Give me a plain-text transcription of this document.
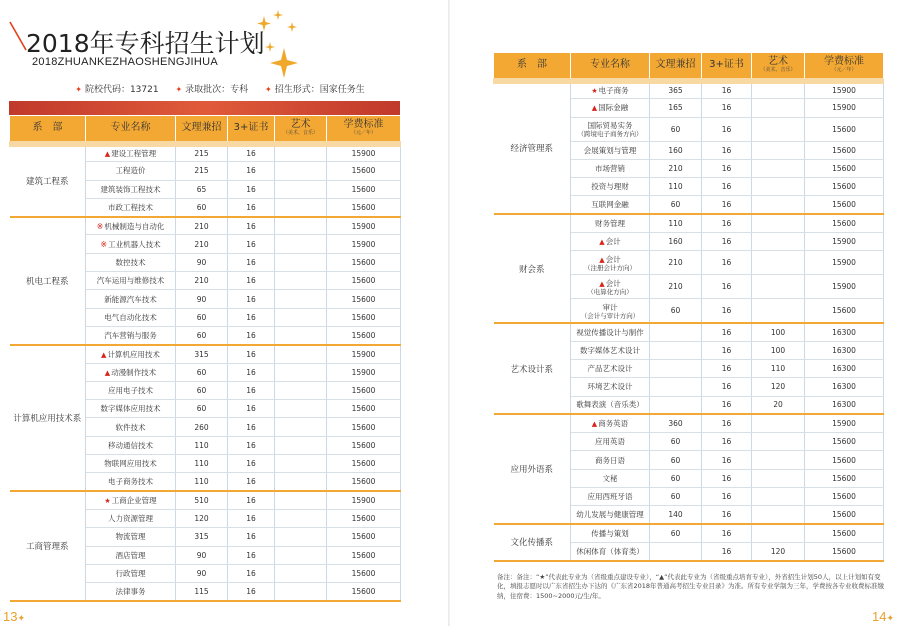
2018年专科招生计划
2018ZHUANKEZHAOSHENGJIHUA
✦ 院校代码：13721 ✦ 录取批次：专科 ✦ 招生形式：国家任务生
系　部	专业名称	文理兼招	3+证书	艺术
（美术、音乐）	学费标准
（元／年）

建筑工程系	▲建设工程管理	215	16		15900
	工程造价	215	16		15600
	建筑装饰工程技术	65	16		15600
	市政工程技术	60	16		15600
机电工程系	※机械制造与自动化	210	16		15900
	※工业机器人技术	210	16		15900
	数控技术	90	16		15600
	汽车运用与维修技术	210	16		15600
	新能源汽车技术	90	16		15600
	电气自动化技术	60	16		15600
	汽车营销与服务	60	16		15600
计算机应用技术系	▲计算机应用技术	315	16		15900
	▲动漫制作技术	60	16		15900
	应用电子技术	60	16		15600
	数字媒体应用技术	60	16		15600
	软件技术	260	16		15600
	移动通信技术	110	16		15600
	物联网应用技术	110	16		15600
	电子商务技术	110	16		15600
工商管理系	★工商企业管理	510	16		15900
	人力资源管理	120	16		15600
	物流管理	315	16		15600
	酒店管理	90	16		15600
	行政管理	90	16		15600
	法律事务	115	16		15600
13✦
系　部	专业名称	文理兼招	3+证书	艺术
（美术、音乐）	学费标准
（元／年）

经济管理系	★电子商务	365	16		15900
	▲国际金融	165	16		15900
	国际贸易实务
（跨境电子商务方向）	60	16		15600
	会展策划与管理	160	16		15600
	市场营销	210	16		15600
	投资与理财	110	16		15600
	互联网金融	60	16		15600
财会系	财务管理	110	16		15600
	▲会计	160	16		15900
	▲会计
（注册会计方向）	210	16		15900
	▲会计
（电算化方向）	210	16		15900
	审计
（会计与审计方向）	60	16		15600
艺术设计系	视觉传播设计与制作		16	100	16300
	数字媒体艺术设计		16	100	16300
	产品艺术设计		16	110	16300
	环境艺术设计		16	120	16300
	歌舞表演（音乐类）		16	20	16300
应用外语系	▲商务英语	360	16		15900
	应用英语	60	16		15600
	商务日语	60	16		15600
	文秘	60	16		15600
	应用西班牙语	60	16		15600
	幼儿发展与健康管理	140	16		15600
文化传播系	传播与策划	60	16		15600
	休闲体育（体育类）		16	120	15600
备注：备注：“★”代表此专业为（省级重点建设专业），“▲”代表此专业为（省级重点培育专业），外省招生计划50人，以上计划如有变化，填报志愿时以广东省招生办下达的《广东省2018年普通高考招生专业目录》为准。所有专业学制为三年，学费按各专业收费标准缴纳，住宿费：1500~2000元/生/年。
14✦
